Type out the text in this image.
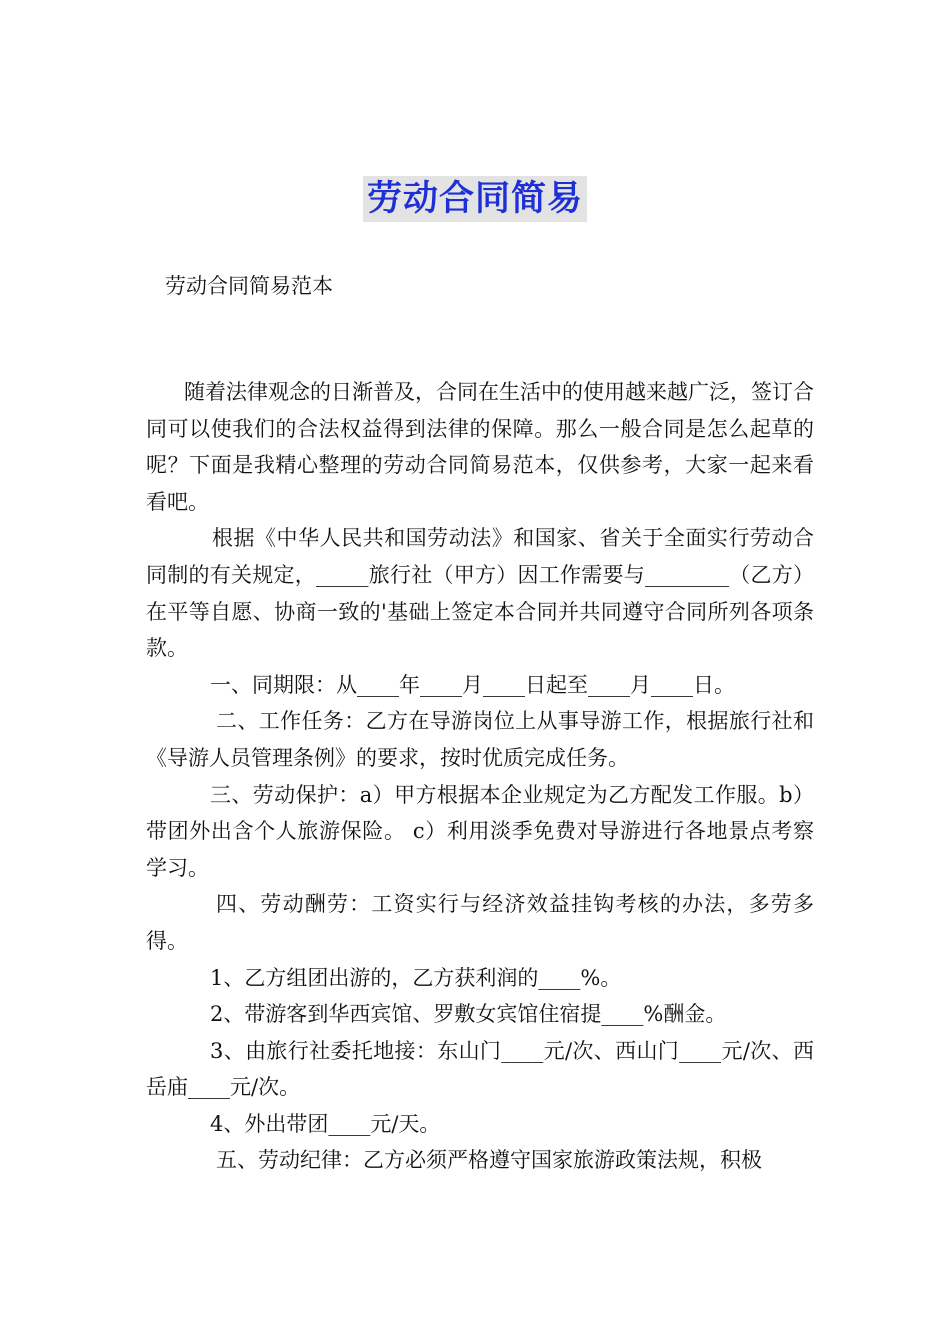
劳动合同简易
劳动合同简易范本

随着法律观念的日渐普及，合同在生活中的使用越来越广泛，签订合同可以使我们的合法权益得到法律的保障。那么一般合同是怎么起草的呢？下面是我精心整理的劳动合同简易范本，仅供参考，大家一起来看看吧。

根据《中华人民共和国劳动法》和国家、省关于全面实行劳动合同制的有关规定，_____旅行社（甲方）因工作需要与________（乙方）在平等自愿、协商一致的'基础上签定本合同并共同遵守合同所列各项条款。

一、同期限：从____年____月____日起至____月____日。

二、工作任务：乙方在导游岗位上从事导游工作，根据旅行社和《导游人员管理条例》的要求，按时优质完成任务。

三、劳动保护：a）甲方根据本企业规定为乙方配发工作服。b）带团外出含个人旅游保险。 c）利用淡季免费对导游进行各地景点考察学习。

四、劳动酬劳：工资实行与经济效益挂钩考核的办法，多劳多得。

1、乙方组团出游的，乙方获利润的____%。

2、带游客到华西宾馆、罗敷女宾馆住宿提____%酬金。

3、由旅行社委托地接：东山门____元/次、西山门____元/次、西岳庙____元/次。

4、外出带团____元/天。

五、劳动纪律：乙方必须严格遵守国家旅游政策法规，积极
